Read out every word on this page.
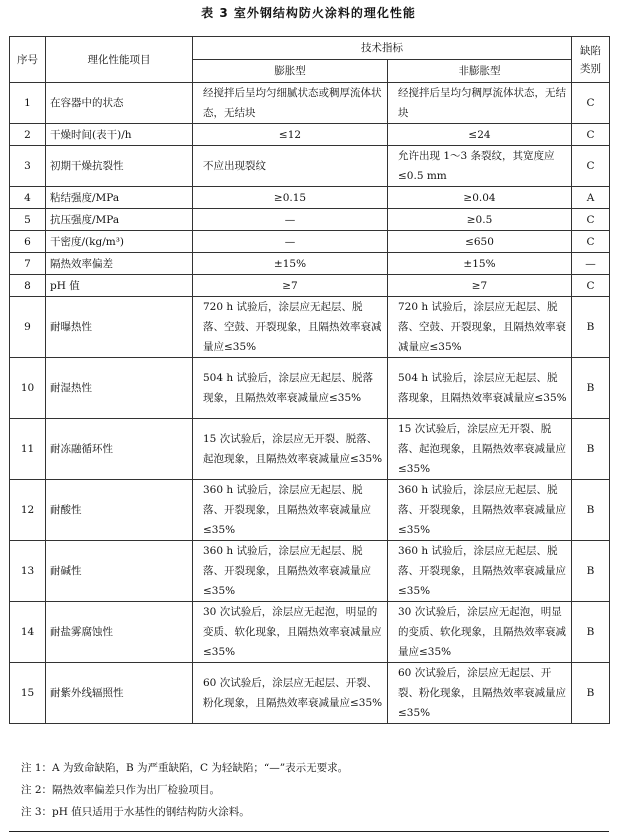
表 3 室外钢结构防火涂料的理化性能
序号	理化性能项目	技术指标		缺陷
类别
		膨胀型	非膨胀型	
1	在容器中的状态	经搅拌后呈均匀细腻状态或稠厚流体状态，无结块	经搅拌后呈均匀稠厚流体状态，无结块	C
2	干燥时间(表干)/h	≤12	≤24	C
3	初期干燥抗裂性	不应出现裂纹	允许出现 1～3 条裂纹，其宽度应≤0.5 mm	C
4	粘结强度/MPa	≥0.15	≥0.04	A
5	抗压强度/MPa	—	≥0.5	C
6	干密度/(kg/m³)	—	≤650	C
7	隔热效率偏差	±15%	±15%	—
8	pH 值	≥7	≥7	C
9	耐曝热性	720 h 试验后，涂层应无起层、脱落、空鼓、开裂现象，且隔热效率衰减量应≤35%	720 h 试验后，涂层应无起层、脱落、空鼓、开裂现象，且隔热效率衰减量应≤35%	B
10	耐湿热性	504 h 试验后，涂层应无起层、脱落现象，且隔热效率衰减量应≤35%	504 h 试验后，涂层应无起层、脱落现象，且隔热效率衰减量应≤35%	B
11	耐冻融循环性	15 次试验后，涂层应无开裂、脱落、起泡现象，且隔热效率衰减量应≤35%	15 次试验后，涂层应无开裂、脱落、起泡现象，且隔热效率衰减量应≤35%	B
12	耐酸性	360 h 试验后，涂层应无起层、脱落、开裂现象，且隔热效率衰减量应≤35%	360 h 试验后，涂层应无起层、脱落、开裂现象，且隔热效率衰减量应≤35%	B
13	耐碱性	360 h 试验后，涂层应无起层、脱落、开裂现象，且隔热效率衰减量应≤35%	360 h 试验后，涂层应无起层、脱落、开裂现象，且隔热效率衰减量应≤35%	B
14	耐盐雾腐蚀性	30 次试验后，涂层应无起泡，明显的变质、软化现象，且隔热效率衰减量应≤35%	30 次试验后，涂层应无起泡，明显的变质、软化现象，且隔热效率衰减量应≤35%	B
15	耐紫外线辐照性	60 次试验后，涂层应无起层、开裂、粉化现象，且隔热效率衰减量应≤35%	60 次试验后，涂层应无起层、开裂、粉化现象，且隔热效率衰减量应≤35%	B
注 1：A 为致命缺陷，B 为严重缺陷，C 为轻缺陷；“—”表示无要求。
注 2：隔热效率偏差只作为出厂检验项目。
注 3：pH 值只适用于水基性的钢结构防火涂料。
